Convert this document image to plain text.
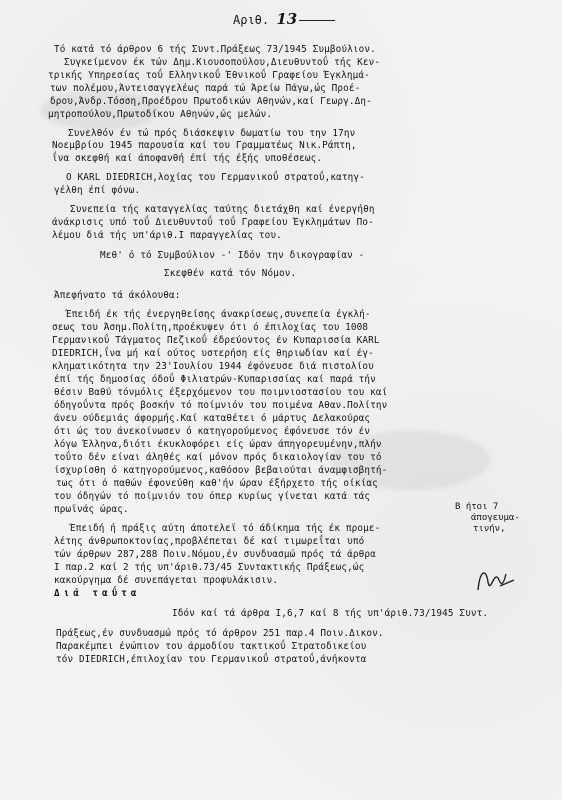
Αριθ. 13
Τό κατά τό άρθρον 6 τής Συντ.Πράξεως 73/1945 Συμβούλιον.
Συγκείμενον έκ τών Δημ.Κιουσοπούλου,Διευθυντοΰ τής Κεν-
τρικής Υπηρεσίας τοΰ Ελληνικοΰ Έθνικοΰ Γραφείου Έγκλημά-
των πολέμου,Άντεισαγγελέως παρά τώ Άρείω Πάγω,ώς Προέ-
δρου,Άνδρ.Τόσση,Προέδρου Πρωτοδικών Αθηνών,καί Γεωργ.Δη-
μητροπούλου,Πρωτοδίκου Αθηνών,ώς μελών.
Συνελθόν έν τώ πρός διάσκεψιν δωματίω του την 17ην
Νοεμβρίου 1945 παρουσία καί του Γραμματέως Νικ.Ράπτη,
ΐνα σκεφθή καί άποφανθή έπί τής έξής υποθέσεως.
Ο KARL DIEDRICH,λοχίας του Γερμανικοΰ στρατοΰ,κατηγ-
γέλθη έπί φόνω.
Συνεπεία τής καταγγελίας ταύτης διετάχθη καί ένεργήθη
άνάκρισις υπό τοΰ Διευθυντοΰ τοΰ Γραφείου Έγκλημάτων Πο-
λέμου διά τής υπ'άριθ.Ι παραγγελίας του.
Μεθ' ό τό Συμβούλιον -' Ιδόν την δικογραφίαν -
Σκεφθέν κατά τόν Νόμον.
Άπεφήνατο τά άκόλουθα:
Έπειδή έκ τής ένεργηθείσης άνακρίσεως,συνεπεία έγκλή-
σεως του Άσημ.Πολίτη,προέκυψεν ότι ό έπιλοχίας του 1008
Γερμανικοΰ Τάγματος Πεζικοΰ έδρεύοντος έν Κυπαρισσία KARL
DIEDRICH,ΐνα μή καί ούτος υστερήση είς θηριωδίαν καί έγ-
κληματικότητα την 23'Ιουλίου 1944 έφόνευσε διά πιστολίου
έπί τής δημοσίας όδοΰ Φιλιατρών-Κυπαρισσίας καί παρά τήν
θέσιν Βαθύ τόνμόλις έξερχόμενον του ποιμνιοστασίου του καί
όδηγοΰντα πρός βοσκήν τό ποίμνιόν του ποιμένα Αθαν.Πολίτην
άνευ ούδεμιάς άφορμής.Καί καταθέτει ό μάρτυς Δελακούρας
ότι ώς του άνεκοίνωσεν ό κατηγορούμενος έφόνευσε τόν έν
λόγω Έλληνα,διότι έκυκλοφόρει είς ώραν άπηγορευμένην,πλήν
τοΰτο δέν είναι άληθές καί μόνον πρός δικαιολογίαν του τό
ίσχυρίσθη ό κατηγορούμενος,καθόσον βεβαιούται άναμφισβητή-
τως ότι ό παθών έφονεύθη καθ'ήν ώραν έξήρχετο τής οίκίας
του όδηγών τό ποίμνιόν του όπερ κυρίως γίνεται κατά τάς
πρωϊνάς ώρας.
Έπειδή ή πράξις αύτη άποτελεϊ τό άδίκημα τής έκ προμε-
λέτης άνθρωποκτονίας,προβλέπεται δέ καί τιμωρεΐται υπό
τών άρθρων 287,288 Ποιν.Νόμου,έν συνδυασμώ πρός τά άρθρα
Ι παρ.2 καί 2 τής υπ'άριθ.73/45 Συντακτικής Πράξεως,ώς
κακούργημα δέ συνεπάγεται προφυλάκισιν.
Διά ταΰτα
Ιδόν καί τά άρθρα Ι,6,7 καί 8 τής υπ'άριθ.73/1945 Συντ.
Πράξεως,έν συνδυασμώ πρός τό άρθρον 251 παρ.4 Ποιν.Δικον.
Παρακέμπει ένώπιον του άρμοδίου τακτικοΰ Στρατοδικείου
τόν DIEDRICH,έπιλοχίαν του Γερμανικοΰ στρατοΰ,άνήκοντα
Β ήτοι 7
άπογευμα-
τινήν,
